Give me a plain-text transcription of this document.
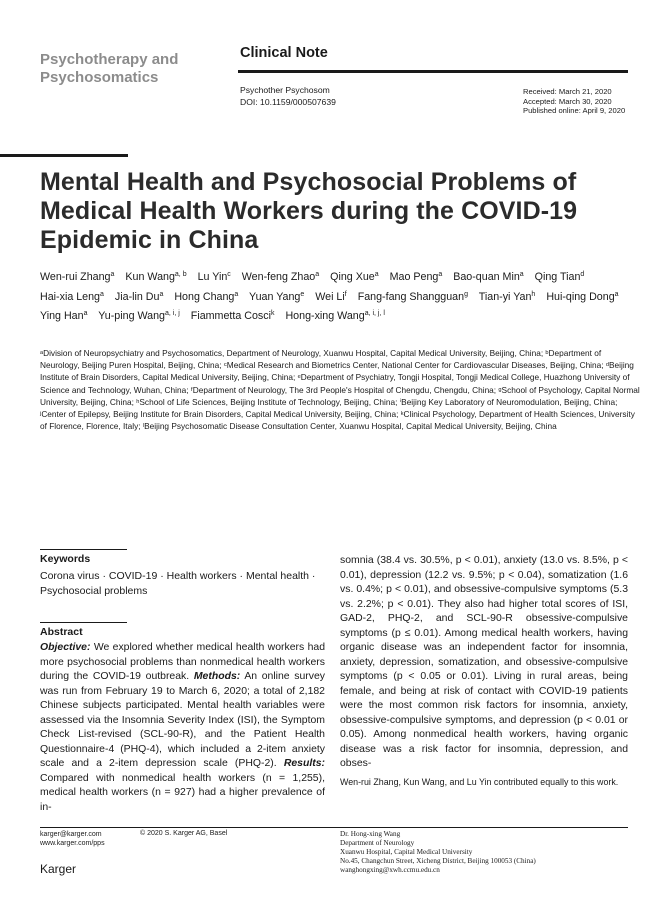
Psychotherapy and
Psychosomatics
Clinical Note
Psychother Psychosom
DOI: 10.1159/000507639
Received: March 21, 2020
Accepted: March 30, 2020
Published online: April 9, 2020
Mental Health and Psychosocial Problems of Medical Health Workers during the COVID-19 Epidemic in China
Wen-rui Zhang$^a$ Kun Wang$^{a, b}$ Lu Yin$^c$ Wen-feng Zhao$^a$ Qing Xue$^a$ Mao Peng$^a$ Bao-quan Min$^a$ Qing Tian$^d$ Hai-xia Leng$^a$ Jia-lin Du$^a$ Hong Chang$^a$ Yuan Yang$^e$ Wei Li$^f$ Fang-fang Shangguan$^g$ Tian-yi Yan$^h$ Hui-qing Dong$^a$ Ying Han$^a$ Yu-ping Wang$^{a, i, j}$ Fiammetta Cosci$^k$ Hong-xing Wang$^{a, i, j, l}$
ᵃDivision of Neuropsychiatry and Psychosomatics, Department of Neurology, Xuanwu Hospital, Capital Medical University, Beijing, China; ᵇDepartment of Neurology, Beijing Puren Hospital, Beijing, China; ᶜMedical Research and Biometrics Center, National Center for Cardiovascular Diseases, Beijing, China; ᵈBeijing Institute of Brain Disorders, Capital Medical University, Beijing, China; ᵉDepartment of Psychiatry, Tongji Hospital, Tongji Medical College, Huazhong University of Science and Technology, Wuhan, China; ᶠDepartment of Neurology, The 3rd People's Hospital of Chengdu, Chengdu, China; ᵍSchool of Psychology, Capital Normal University, Beijing, China; ʰSchool of Life Sciences, Beijing Institute of Technology, Beijing, China; ⁱBeijing Key Laboratory of Neuromodulation, Beijing, China; ʲCenter of Epilepsy, Beijing Institute for Brain Disorders, Capital Medical University, Beijing, China; ᵏClinical Psychology, Department of Health Sciences, University of Florence, Florence, Italy; ˡBeijing Psychosomatic Disease Consultation Center, Xuanwu Hospital, Capital Medical University, Beijing, China
Keywords
Corona virus · COVID-19 · Health workers · Mental health · Psychosocial problems
Abstract

Objective: We explored whether medical health workers had more psychosocial problems than nonmedical health workers during the COVID-19 outbreak. Methods: An online survey was run from February 19 to March 6, 2020; a total of 2,182 Chinese subjects participated. Mental health variables were assessed via the Insomnia Severity Index (ISI), the Symptom Check List-revised (SCL-90-R), and the Patient Health Questionnaire-4 (PHQ-4), which included a 2-item anxiety scale and a 2-item depression scale (PHQ-2). Results: Compared with nonmedical health workers (n = 1,255), medical health workers (n = 927) had a higher prevalence of in-

somnia (38.4 vs. 30.5%, p < 0.01), anxiety (13.0 vs. 8.5%, p < 0.01), depression (12.2 vs. 9.5%; p < 0.04), somatization (1.6 vs. 0.4%; p < 0.01), and obsessive-compulsive symptoms (5.3 vs. 2.2%; p < 0.01). They also had higher total scores of ISI, GAD-2, PHQ-2, and SCL-90-R obsessive-compulsive symptoms (p ≤ 0.01). Among medical health workers, having organic disease was an independent factor for insomnia, anxiety, depression, somatization, and obsessive-compulsive symptoms (p < 0.05 or 0.01). Living in rural areas, being female, and being at risk of contact with COVID-19 patients were the most common risk factors for insomnia, anxiety, obsessive-compulsive symptoms, and depression (p < 0.01 or 0.05). Among nonmedical health workers, having organic disease was a risk factor for insomnia, depression, and obses-

Wen-rui Zhang, Kun Wang, and Lu Yin contributed equally to this work.
karger@karger.com
www.karger.com/pps
© 2020 S. Karger AG, Basel
Karger
Dr. Hong-xing Wang
Department of Neurology
Xuanwu Hospital, Capital Medical University
No.45, Changchun Street, Xicheng District, Beijing 100053 (China)
wanghongxing@xwh.ccmu.edu.cn
